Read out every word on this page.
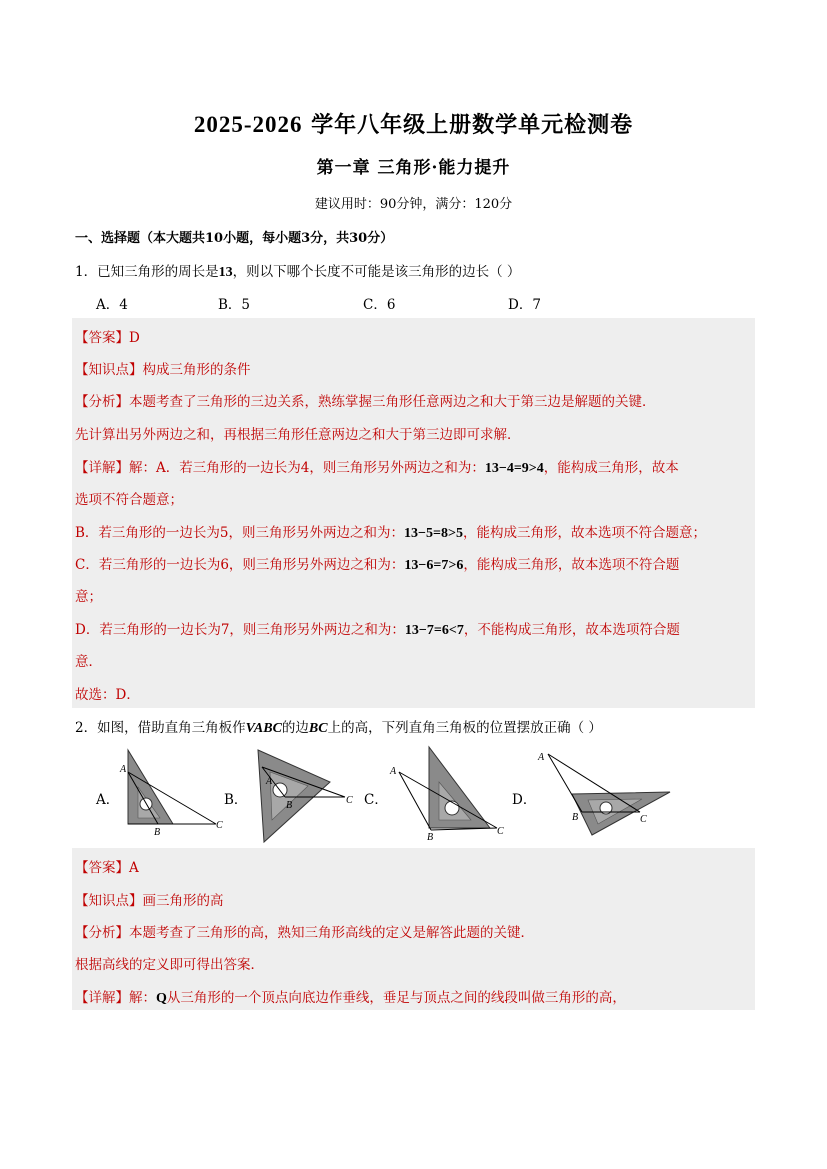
2025-2026 学年八年级上册数学单元检测卷
第一章 三角形·能力提升
建议用时：90分钟，满分：120分
一、选择题（本大题共10小题，每小题3分，共30分）
1．已知三角形的周长是13，则以下哪个长度不可能是该三角形的边长（ ）
A．4	B．5	C．6	D．7
【答案】D
【知识点】构成三角形的条件
【分析】本题考查了三角形的三边关系，熟练掌握三角形任意两边之和大于第三边是解题的关键．
先计算出另外两边之和，再根据三角形任意两边之和大于第三边即可求解．
【详解】解：A．若三角形的一边长为4，则三角形另外两边之和为：13−4=9>4，能构成三角形，故本
选项不符合题意；
B．若三角形的一边长为5，则三角形另外两边之和为：13−5=8>5，能构成三角形，故本选项不符合题意；
C．若三角形的一边长为6，则三角形另外两边之和为：13−6=7>6，能构成三角形，故本选项不符合题
意；
D．若三角形的一边长为7，则三角形另外两边之和为：13−7=6<7，不能构成三角形，故本选项符合题
意．
故选：D．
2．如图，借助直角三角板作VABC的边BC上的高，下列直角三角板的位置摆放正确（ ）
A．	B．	C．	D．
A
B
C
A
B	C
A
B
C
A
B	C
【答案】A
【知识点】画三角形的高
【分析】本题考查了三角形的高，熟知三角形高线的定义是解答此题的关键．
根据高线的定义即可得出答案．
【详解】解：Q从三角形的一个顶点向底边作垂线，垂足与顶点之间的线段叫做三角形的高，
